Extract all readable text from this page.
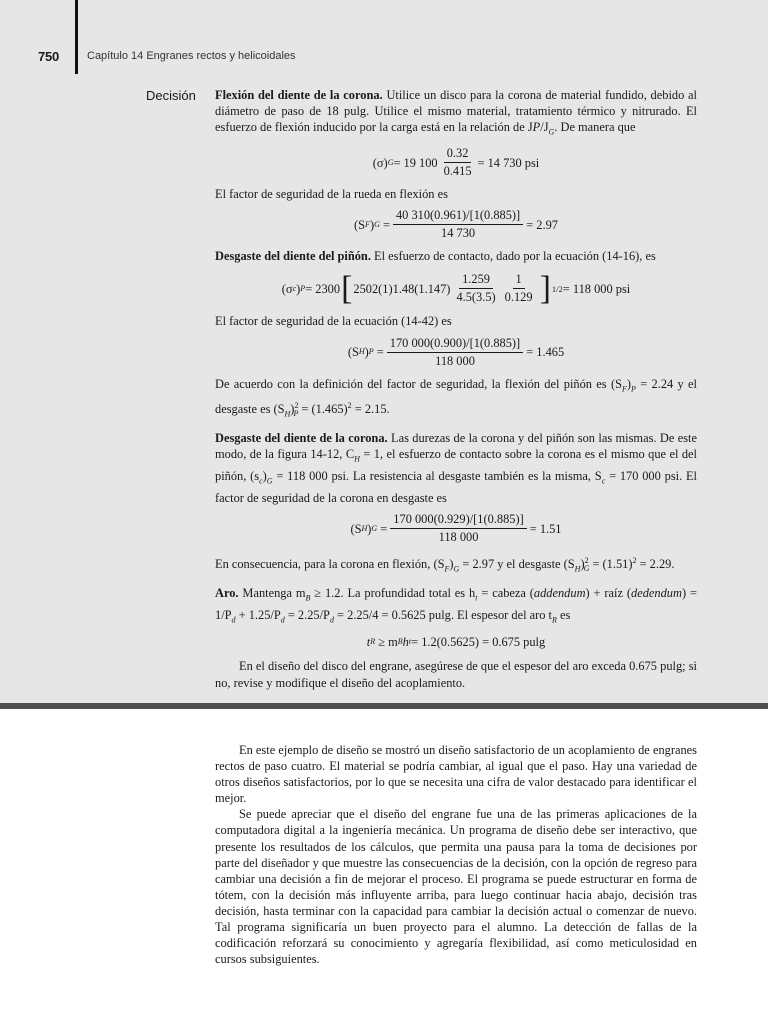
750	Capítulo 14 Engranes rectos y helicoidales
Decisión Flexión del diente de la corona. Utilice un disco para la corona de material fundido, debido al diámetro de paso de 18 pulg. Utilice el mismo material, tratamiento térmico y nitrurado. El esfuerzo de flexión inducido por la carga está en la relación de $JP/J_G$. De manera que

(σ) G = 19 $100 \frac{0.32}{0.415} = 14$ 730 psi

El factor de seguridad de la rueda en flexión es

(S F ) $G = \frac{40 310(0.961)/[1(0.885)]}{14 730} = 2.97$

Desgaste del diente del piñón. El esfuerzo de contacto, dado por la ecuación (14-16), es

(σ c ) P = 2300 [ $2502(1)1.48(1.147) \frac{1.259}{4.5(3.5)} \frac{1}{0.129}$ ] 1/2 = 118 000 psi

El factor de seguridad de la ecuación (14-42) es

(S H ) $P = \frac{170 000(0.900)/[1(0.885)]}{118 000} = 1.465$

De acuerdo con la definición del factor de seguridad, la flexión del piñón es $(S_F)_P = 2.24$ y el desgaste es $(S_H)^2_P = (1.465)^2 = 2.15$.

Desgaste del diente de la corona. Las durezas de la corona y del piñón son las mismas. De este modo, de la figura 14-12, $C_H = 1$, el esfuerzo de contacto sobre la corona es el mismo que el del piñón, $(s_c)_G = 118$ 000 psi. La resistencia al desgaste también es la misma, $S_c = 170$ 000 psi. El factor de seguridad de la corona en desgaste es

(S H ) $G = \frac{170 000(0.929)/[1(0.885)]}{118 000} = 1.51$

En consecuencia, para la corona en flexión, $(S_F)_G = 2.97$ y el desgaste $(S_H)^2_G = (1.51)^2 = 2.29$.

Aro. Mantenga $m_B \ge 1.2$. La profundidad total es $h_t$ = cabeza (addendum) + raíz (dedendum) = $1/P_d + 1.25/P_d = 2.25/P_d = 2.25/4 = 0.5625$ pulg. El espesor del aro $t_R$ es

t R
≥ m B h t = 1.2(0.5625) = 0.675 pulg

En el diseño del disco del engrane, asegúrese de que el espesor del aro exceda 0.675 pulg; si no, revise y modifique el diseño del acoplamiento.

En este ejemplo de diseño se mostró un diseño satisfactorio de un acoplamiento de engranes rectos de paso cuatro. El material se podría cambiar, al igual que el paso. Hay una variedad de otros diseños satisfactorios, por lo que se necesita una cifra de valor destacado para identificar el mejor.

Se puede apreciar que el diseño del engrane fue una de las primeras aplicaciones de la computadora digital a la ingeniería mecánica. Un programa de diseño debe ser interactivo, que presente los resultados de los cálculos, que permita una pausa para la toma de decisiones por parte del diseñador y que muestre las consecuencias de la decisión, con la opción de regreso para cambiar una decisión a fin de mejorar el proceso. El programa se puede estructurar en forma de tótem, con la decisión más influyente arriba, para luego continuar hacia abajo, decisión tras decisión, hasta terminar con la capacidad para cambiar la decisión actual o comenzar de nuevo. Tal programa significaría un buen proyecto para el alumno. La detección de fallas de la codificación reforzará su conocimiento y agregaría flexibilidad, así como meticulosidad en cursos subsiguientes.
